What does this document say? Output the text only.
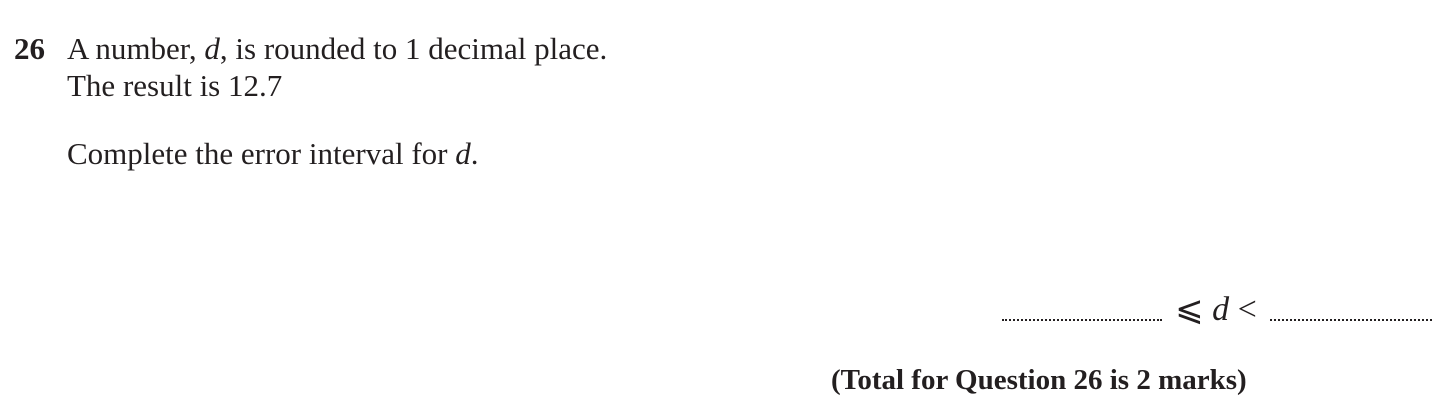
26 A number, d, is rounded to 1 decimal place.
The result is 12.7
Complete the error interval for d.
⩽ d <
(Total for Question 26 is 2 marks)
